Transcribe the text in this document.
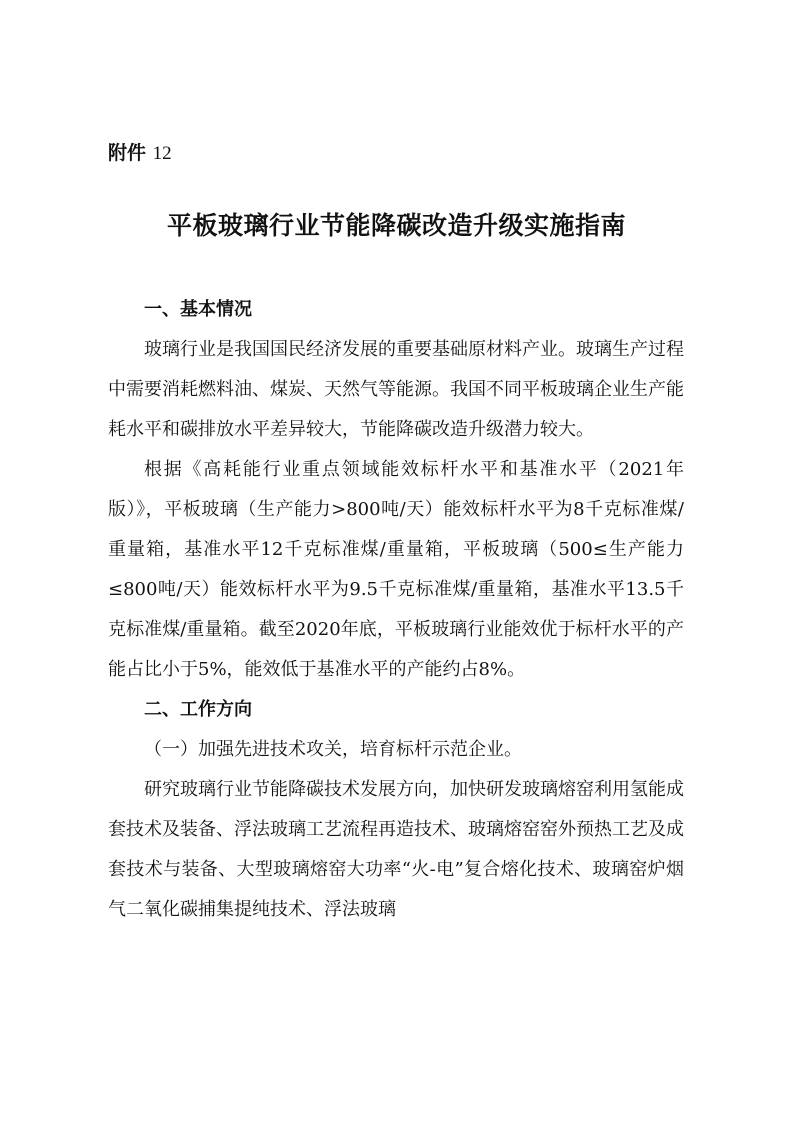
附件 12
平板玻璃行业节能降碳改造升级实施指南
一、基本情况

玻璃行业是我国国民经济发展的重要基础原材料产业。玻璃生产过程中需要消耗燃料油、煤炭、天然气等能源。我国不同平板玻璃企业生产能耗水平和碳排放水平差异较大，节能降碳改造升级潜力较大。

根据《高耗能行业重点领域能效标杆水平和基准水平（2021年版）》，平板玻璃（生产能力>800吨/天）能效标杆水平为8千克标准煤/重量箱，基准水平12千克标准煤/重量箱，平板玻璃（500≤生产能力≤800吨/天）能效标杆水平为9.5千克标准煤/重量箱，基准水平13.5千克标准煤/重量箱。截至2020年底，平板玻璃行业能效优于标杆水平的产能占比小于5%，能效低于基准水平的产能约占8%。

二、工作方向
（一）加强先进技术攻关，培育标杆示范企业。

研究玻璃行业节能降碳技术发展方向，加快研发玻璃熔窑利用氢能成套技术及装备、浮法玻璃工艺流程再造技术、玻璃熔窑窑外预热工艺及成套技术与装备、大型玻璃熔窑大功率“火-电”复合熔化技术、玻璃窑炉烟气二氧化碳捕集提纯技术、浮法玻璃
